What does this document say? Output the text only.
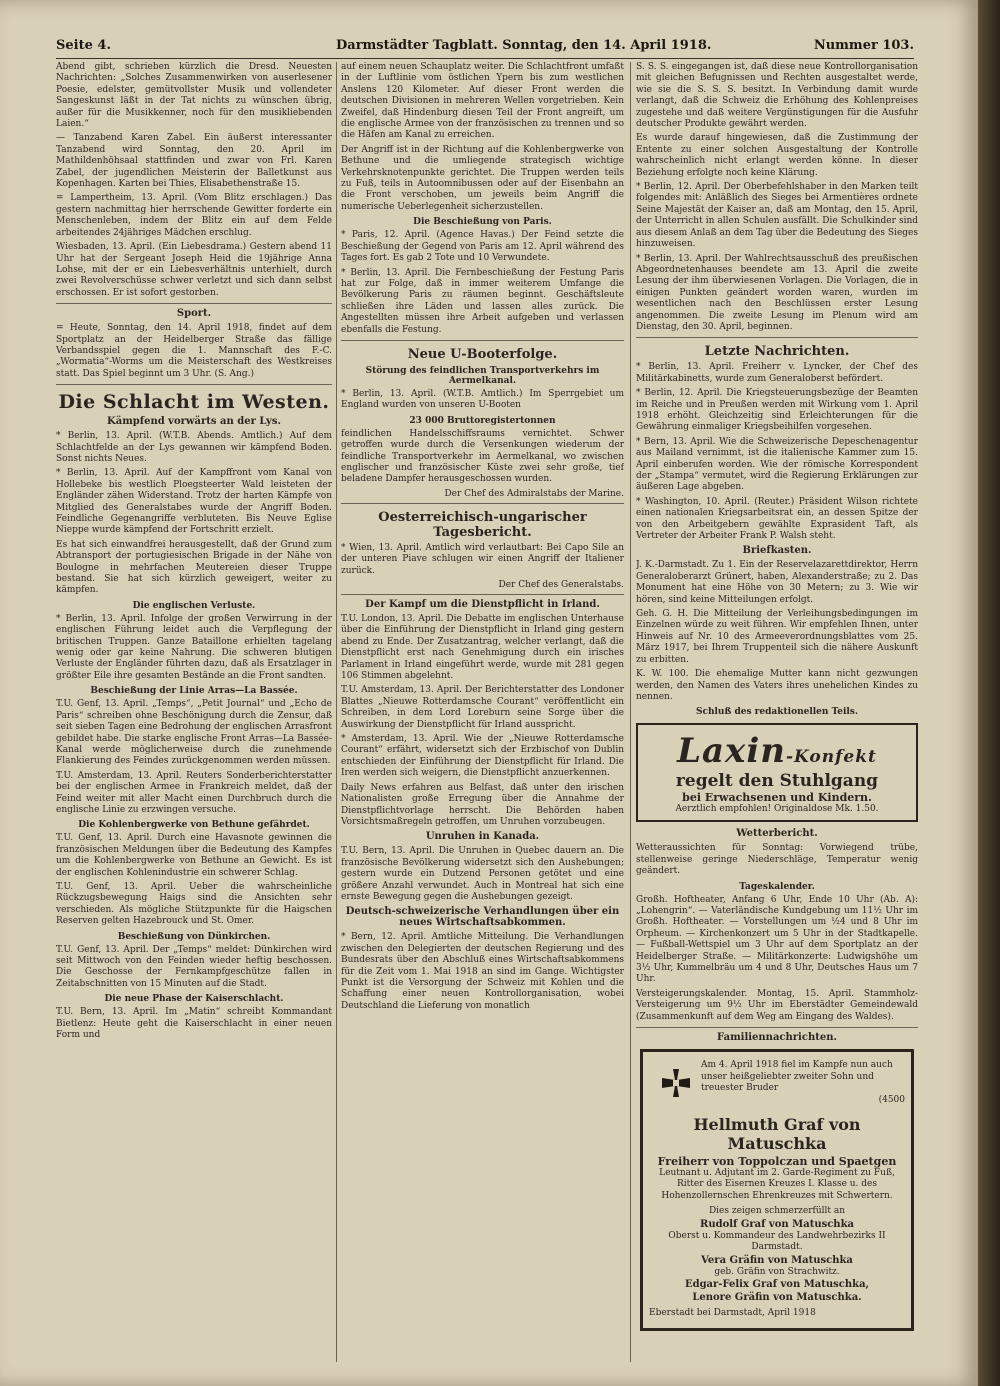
Seite 4.	Darmstädter Tagblatt. Sonntag, den 14. April 1918.	Nummer 103.

Abend gibt, schrieben kürzlich die Dresd. Neuesten Nachrichten: „Solches Zusammenwirken von auserlesener Poesie, edelster, gemütvollster Musik und vollendeter Sangeskunst läßt in der Tat nichts zu wünschen übrig, außer für die Musikkenner, noch für den musikliebenden Laien.“

— Tanzabend Karen Zabel. Ein äußerst interessanter Tanzabend wird Sonntag, den 20. April im Mathildenhöhsaal stattfinden und zwar von Frl. Karen Zabel, der jugendlichen Meisterin der Balletkunst aus Kopenhagen. Karten bei Thies, Elisabethenstraße 15.

= Lampertheim, 13. April. (Vom Blitz erschlagen.) Das gestern nachmittag hier herrschende Gewitter forderte ein Menschenleben, indem der Blitz ein auf dem Felde arbeitendes 24jähriges Mädchen erschlug.

Wiesbaden, 13. April. (Ein Liebesdrama.) Gestern abend 11 Uhr hat der Sergeant Joseph Heid die 19jährige Anna Lohse, mit der er ein Liebesverhältnis unterhielt, durch zwei Revolverschüsse schwer verletzt und sich dann selbst erschossen. Er ist sofort gestorben.

Sport.

= Heute, Sonntag, den 14. April 1918, findet auf dem Sportplatz an der Heidelberger Straße das fällige Verbandsspiel gegen die 1. Mannschaft des F.-C. „Wormatia“-Worms um die Meisterschaft des Westkreises statt. Das Spiel beginnt um 3 Uhr. (S. Ang.)

Die Schlacht im Westen.
Kämpfend vorwärts an der Lys.

* Berlin, 13. April. (W.T.B. Abends. Amtlich.) Auf dem Schlachtfelde an der Lys gewannen wir kämpfend Boden. Sonst nichts Neues.

* Berlin, 13. April. Auf der Kampffront vom Kanal von Hollebeke bis westlich Ploegsteerter Wald leisteten der Engländer zähen Widerstand. Trotz der harten Kämpfe von Mitglied des Generalstabes wurde der Angriff Boden. Feindliche Gegenangriffe verbluteten. Bis Neuve Eglise Nieppe wurde kämpfend der Fortschritt erzielt.

Es hat sich einwandfrei herausgestellt, daß der Grund zum Abtransport der portugiesischen Brigade in der Nähe von Boulogne in mehrfachen Meutereien dieser Truppe bestand. Sie hat sich kürzlich geweigert, weiter zu kämpfen.

Die englischen Verluste.

* Berlin, 13. April. Infolge der großen Verwirrung in der englischen Führung leidet auch die Verpflegung der britischen Truppen. Ganze Bataillone erhielten tagelang wenig oder gar keine Nahrung. Die schweren blutigen Verluste der Engländer führten dazu, daß als Ersatzlager in größter Eile ihre gesamten Bestände an die Front sandten.

Beschießung der Linie Arras—La Bassée.

T.U. Genf, 13. April. „Temps“, „Petit Journal“ und „Echo de Paris“ schreiben ohne Beschönigung durch die Zensur, daß seit sieben Tagen eine Bedrohung der englischen Arrasfront gebildet habe. Die starke englische Front Arras—La Bassée-Kanal werde möglicherweise durch die zunehmende Flankierung des Feindes zurückgenommen werden müssen.

T.U. Amsterdam, 13. April. Reuters Sonderberichterstatter bei der englischen Armee in Frankreich meldet, daß der Feind weiter mit aller Macht einen Durchbruch durch die englische Linie zu erzwingen versuche.

Die Kohlenbergwerke von Bethune gefährdet.

T.U. Genf, 13. April. Durch eine Havasnote gewinnen die französischen Meldungen über die Bedeutung des Kampfes um die Kohlenbergwerke von Bethune an Gewicht. Es ist der englischen Kohlenindustrie ein schwerer Schlag.

T.U. Genf, 13. April. Ueber die wahrscheinliche Rückzugsbewegung Haigs sind die Ansichten sehr verschieden. Als mögliche Stützpunkte für die Haigschen Reserven gelten Hazebrouck und St. Omer.

Beschießung von Dünkirchen.

T.U. Genf, 13. April. Der „Temps“ meldet: Dünkirchen wird seit Mittwoch von den Feinden wieder heftig beschossen. Die Geschosse der Fernkampfgeschütze fallen in Zeitabschnitten von 15 Minuten auf die Stadt.

Die neue Phase der Kaiserschlacht.

T.U. Bern, 13. April. Im „Matin“ schreibt Kommandant Bietlenz: Heute geht die Kaiserschlacht in einer neuen Form und

auf einem neuen Schauplatz weiter. Die Schlachtfront umfaßt in der Luftlinie vom östlichen Ypern bis zum westlichen Anslens 120 Kilometer. Auf dieser Front werden die deutschen Divisionen in mehreren Wellen vorgetrieben. Kein Zweifel, daß Hindenburg diesen Teil der Front angreift, um die englische Armee von der französischen zu trennen und so die Häfen am Kanal zu erreichen.

Der Angriff ist in der Richtung auf die Kohlenbergwerke von Bethune und die umliegende strategisch wichtige Verkehrsknotenpunkte gerichtet. Die Truppen werden teils zu Fuß, teils in Autoomnibussen oder auf der Eisenbahn an die Front verschoben, um jeweils beim Angriff die numerische Ueberlegenheit sicherzustellen.

Die Beschießung von Paris.

* Paris, 12. April. (Agence Havas.) Der Feind setzte die Beschießung der Gegend von Paris am 12. April während des Tages fort. Es gab 2 Tote und 10 Verwundete.

* Berlin, 13. April. Die Fernbeschießung der Festung Paris hat zur Folge, daß in immer weiterem Umfange die Bevölkerung Paris zu räumen beginnt. Geschäftsleute schließen ihre Läden und lassen alles zurück. Die Angestellten müssen ihre Arbeit aufgeben und verlassen ebenfalls die Festung.

Neue U-Booterfolge.
Störung des feindlichen Transportverkehrs im Aermelkanal.

* Berlin, 13. April. (W.T.B. Amtlich.) Im Sperrgebiet um England wurden von unseren U-Booten

23 000 Bruttoregistertonnen

feindlichen Handelsschiffsraums vernichtet. Schwer getroffen wurde durch die Versenkungen wiederum der feindliche Transportverkehr im Aermelkanal, wo zwischen englischer und französischer Küste zwei sehr große, tief beladene Dampfer herausgeschossen wurden.

Der Chef des Admiralstabs der Marine.
Oesterreichisch-ungarischer Tagesbericht.

* Wien, 13. April. Amtlich wird verlautbart: Bei Capo Sile an der unteren Piave schlugen wir einen Angriff der Italiener zurück.

Der Chef des Generalstabs.
Der Kampf um die Dienstpflicht in Irland.

T.U. London, 13. April. Die Debatte im englischen Unterhause über die Einführung der Dienstpflicht in Irland ging gestern abend zu Ende. Der Zusatzantrag, welcher verlangt, daß die Dienstpflicht erst nach Genehmigung durch ein irisches Parlament in Irland eingeführt werde, wurde mit 281 gegen 106 Stimmen abgelehnt.

T.U. Amsterdam, 13. April. Der Berichterstatter des Londoner Blattes „Nieuwe Rotterdamsche Courant“ veröffentlicht ein Schreiben, in dem Lord Loreburn seine Sorge über die Auswirkung der Dienstpflicht für Irland ausspricht.

* Amsterdam, 13. April. Wie der „Nieuwe Rotterdamsche Courant“ erfährt, widersetzt sich der Erzbischof von Dublin entschieden der Einführung der Dienstpflicht für Irland. Die Iren werden sich weigern, die Dienstpflicht anzuerkennen.

Daily News erfahren aus Belfast, daß unter den irischen Nationalisten große Erregung über die Annahme der Dienstpflichtvorlage herrscht. Die Behörden haben Vorsichtsmaßregeln getroffen, um Unruhen vorzubeugen.

Unruhen in Kanada.

T.U. Bern, 13. April. Die Unruhen in Quebec dauern an. Die französische Bevölkerung widersetzt sich den Aushebungen; gestern wurde ein Dutzend Personen getötet und eine größere Anzahl verwundet. Auch in Montreal hat sich eine ernste Bewegung gegen die Aushebungen gezeigt.

Deutsch-schweizerische Verhandlungen über ein neues Wirtschaftsabkommen.

* Bern, 12. April. Amtliche Mitteilung. Die Verhandlungen zwischen den Delegierten der deutschen Regierung und des Bundesrats über den Abschluß eines Wirtschaftsabkommens für die Zeit vom 1. Mai 1918 an sind im Gange. Wichtigster Punkt ist die Versorgung der Schweiz mit Kohlen und die Schaffung einer neuen Kontrollorganisation, wobei Deutschland die Lieferung von monatlich

S. S. S. eingegangen ist, daß diese neue Kontrollorganisation mit gleichen Befugnissen und Rechten ausgestaltet werde, wie sie die S. S. S. besitzt. In Verbindung damit wurde verlangt, daß die Schweiz die Erhöhung des Kohlenpreises zugestehe und daß weitere Vergünstigungen für die Ausfuhr deutscher Produkte gewährt werden.

Es wurde darauf hingewiesen, daß die Zustimmung der Entente zu einer solchen Ausgestaltung der Kontrolle wahrscheinlich nicht erlangt werden könne. In dieser Beziehung erfolgte noch keine Klärung.

* Berlin, 12. April. Der Oberbefehlshaber in den Marken teilt folgendes mit: Anläßlich des Sieges bei Armentières ordnete Seine Majestät der Kaiser an, daß am Montag, den 15. April, der Unterricht in allen Schulen ausfällt. Die Schulkinder sind aus diesem Anlaß an dem Tag über die Bedeutung des Sieges hinzuweisen.

* Berlin, 13. April. Der Wahlrechtsausschuß des preußischen Abgeordnetenhauses beendete am 13. April die zweite Lesung der ihm überwiesenen Vorlagen. Die Vorlagen, die in einigen Punkten geändert worden waren, wurden im wesentlichen nach den Beschlüssen erster Lesung angenommen. Die zweite Lesung im Plenum wird am Dienstag, den 30. April, beginnen.

Letzte Nachrichten.

* Berlin, 13. April. Freiherr v. Lyncker, der Chef des Militärkabinetts, wurde zum Generaloberst befördert.

* Berlin, 12. April. Die Kriegsteuerungsbezüge der Beamten im Reiche und in Preußen werden mit Wirkung vom 1. April 1918 erhöht. Gleichzeitig sind Erleichterungen für die Gewährung einmaliger Kriegsbeihilfen vorgesehen.

* Bern, 13. April. Wie die Schweizerische Depeschenagentur aus Mailand vernimmt, ist die italienische Kammer zum 15. April einberufen worden. Wie der römische Korrespondent der „Stampa“ vermutet, wird die Regierung Erklärungen zur äußeren Lage abgeben.

* Washington, 10. April. (Reuter.) Präsident Wilson richtete einen nationalen Kriegsarbeitsrat ein, an dessen Spitze der von den Arbeitgebern gewählte Exprasident Taft, als Vertreter der Arbeiter Frank P. Walsh steht.

Briefkasten.

J. K.-Darmstadt. Zu 1. Ein der Reservelazarettdirektor, Herrn Generaloberarzt Grünert, haben, Alexanderstraße; zu 2. Das Monument hat eine Höhe von 30 Metern; zu 3. Wie wir hören, sind keine Mitteilungen erfolgt.

Geh. G. H. Die Mitteilung der Verleihungsbedingungen im Einzelnen würde zu weit führen. Wir empfehlen Ihnen, unter Hinweis auf Nr. 10 des Armeeverordnungsblattes vom 25. März 1917, bei Ihrem Truppenteil sich die nähere Auskunft zu erbitten.

K. W. 100. Die ehemalige Mutter kann nicht gezwungen werden, den Namen des Vaters ihres unehelichen Kindes zu nennen.

Schluß des redaktionellen Teils.
Laxin-Konfekt
regelt den Stuhlgang
bei Erwachsenen und Kindern.
Aerztlich empfohlen! Originaldose Mk. 1.50.
Wetterbericht.

Wetteraussichten für Sonntag: Vorwiegend trübe, stellenweise geringe Niederschläge, Temperatur wenig geändert.

Tageskalender.

Großh. Hoftheater, Anfang 6 Uhr, Ende 10 Uhr (Ab. A): „Lohengrin“. — Vaterländische Kundgebung um 11½ Uhr im Großh. Hoftheater. — Vorstellungen um ½4 und 8 Uhr im Orpheum. — Kirchenkonzert um 5 Uhr in der Stadtkapelle. — Fußball-Wettspiel um 3 Uhr auf dem Sportplatz an der Heidelberger Straße. — Militärkonzerte: Ludwigshöhe um 3½ Uhr, Kummelbräu um 4 und 8 Uhr, Deutsches Haus um 7 Uhr.

Versteigerungskalender. Montag, 15. April. Stammholz-Versteigerung um 9½ Uhr im Eberstädter Gemeindewald (Zusammenkunft auf dem Weg am Eingang des Waldes).

Familiennachrichten.
Am 4. April 1918 fiel im Kampfe nun auch unser heißgeliebter zweiter Sohn und treuester Bruder
(4500
Hellmuth Graf von Matuschka
Freiherr von Toppolczan und Spaetgen
Leutnant u. Adjutant im 2. Garde-Regiment zu Fuß, Ritter des Eisernen Kreuzes I. Klasse u. des Hohenzollernschen Ehrenkreuzes mit Schwertern.
Dies zeigen schmerzerfüllt an
Rudolf Graf von Matuschka
Oberst u. Kommandeur des Landwehrbezirks II Darmstadt.
Vera Gräfin von Matuschka
geb. Gräfin von Strachwitz.
Edgar-Felix Graf von Matuschka,
Lenore Gräfin von Matuschka.
Eberstadt bei Darmstadt, April 1918
